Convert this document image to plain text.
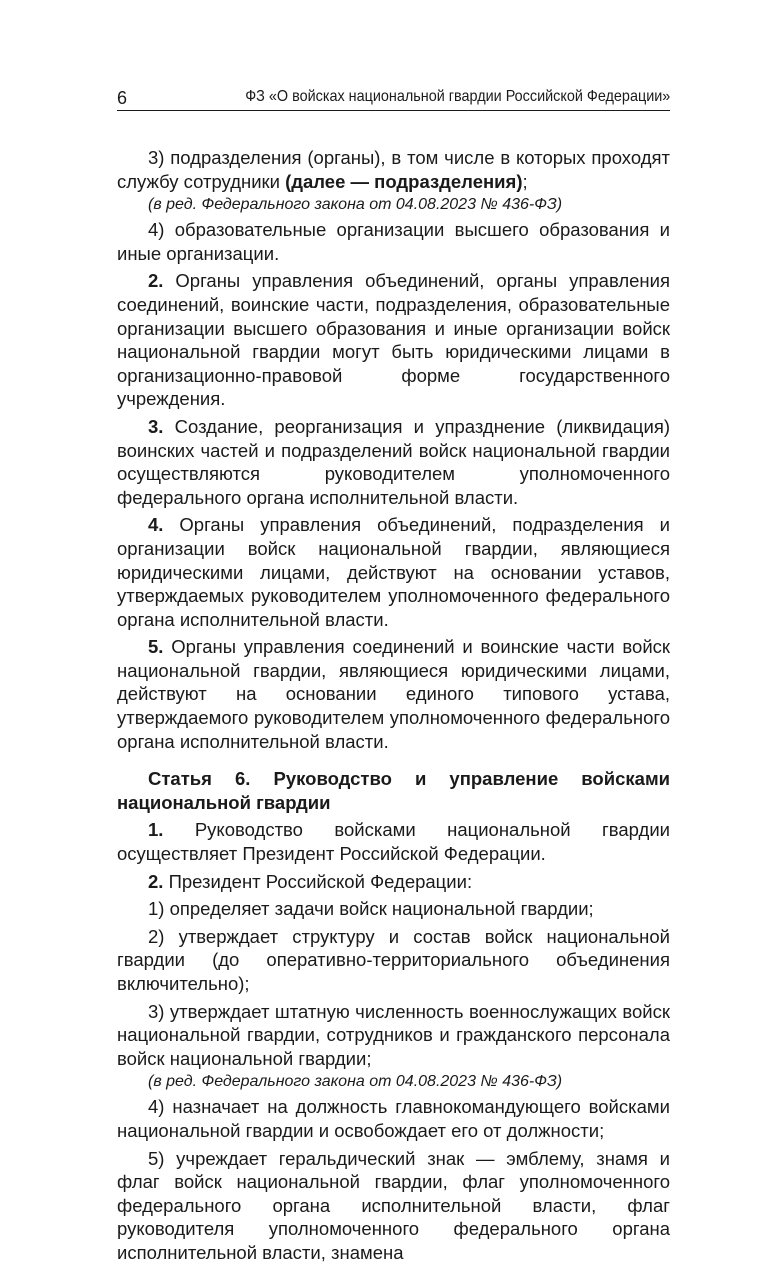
6	ФЗ «О войсках национальной гвардии Российской Федерации»

3) подразделения (органы), в том числе в которых проходят службу сотрудники (далее — подразделения);

(в ред. Федерального закона от 04.08.2023 № 436-ФЗ)

4) образовательные организации высшего образования и иные организации.

2. Органы управления объединений, органы управления соединений, воинские части, подразделения, образовательные организации высшего образования и иные организации войск национальной гвардии могут быть юридическими лицами в организационно-правовой форме государственного учреждения.

3. Создание, реорганизация и упразднение (ликвидация) воинских частей и подразделений войск национальной гвардии осуществляются руководителем уполномоченного федерального органа исполнительной власти.

4. Органы управления объединений, подразделения и организации войск национальной гвардии, являющиеся юридическими лицами, действуют на основании уставов, утверждаемых руководителем уполномоченного федерального органа исполнительной власти.

5. Органы управления соединений и воинские части войск национальной гвардии, являющиеся юридическими лицами, действуют на основании единого типового устава, утверждаемого руководителем уполномоченного федерального органа исполнительной власти.

Статья 6. Руководство и управление войсками национальной гвардии

1. Руководство войсками национальной гвардии осуществляет Президент Российской Федерации.

2. Президент Российской Федерации:

1) определяет задачи войск национальной гвардии;

2) утверждает структуру и состав войск национальной гвардии (до оперативно-территориального объединения включительно);

3) утверждает штатную численность военнослужащих войск национальной гвардии, сотрудников и гражданского персонала войск национальной гвардии;

(в ред. Федерального закона от 04.08.2023 № 436-ФЗ)

4) назначает на должность главнокомандующего войсками национальной гвардии и освобождает его от должности;

5) учреждает геральдический знак — эмблему, знамя и флаг войск национальной гвардии, флаг уполномоченного федерального органа исполнительной власти, флаг руководителя уполномоченного федерального органа исполнительной власти, знамена
